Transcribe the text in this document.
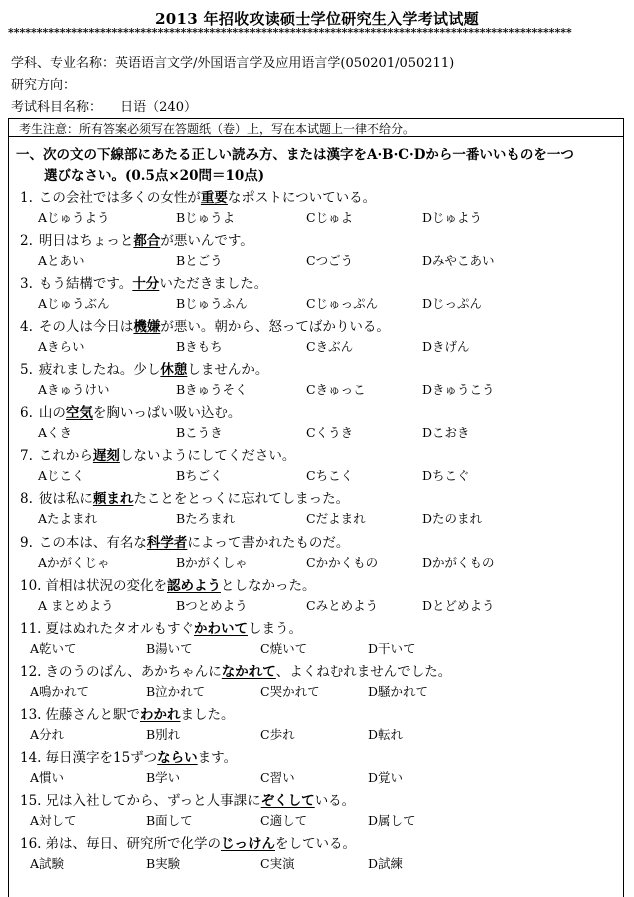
2013 年招收攻读硕士学位研究生入学考试试题
**************************************************************************************************
学科、专业名称：英语语言文学/外国语言学及应用语言学(050201/050211)
研究方向：
考试科目名称： 日语（240）
考生注意：所有答案必须写在答题纸（卷）上，写在本试题上一律不给分。
一、次の文の下線部にあたる正しい読み方、または漢字をA·B·C·Dから一番いいものを一つ
選びなさい。(0.5点×20問＝10点)
1. この会社では多くの女性が重要なポストについている。
Aじゅうよう	Bじゅうよ	Cじゅよ	Dじゅよう
2. 明日はちょっと都合が悪いんです。
Aとあい	Bとごう	Cつごう	Dみやこあい
3. もう結構です。十分いただきました。
Aじゅうぶん	Bじゅうふん	Cじゅっぷん	Dじっぷん
4. その人は今日は機嫌が悪い。朝から、怒ってばかりいる。
Aきらい	Bきもち	Cきぶん	Dきげん
5. 疲れましたね。少し休憩しませんか。
Aきゅうけい	Bきゅうそく	Cきゅっこ	Dきゅうこう
6. 山の空気を胸いっぱい吸い込む。
Aくき	Bこうき	Cくうき	Dこおき
7. これから遅刻しないようにしてください。
Aじこく	Bちごく	Cちこく	Dちこぐ
8. 彼は私に頼まれたことをとっくに忘れてしまった。
Aたよまれ	Bたろまれ	Cだよまれ	Dたのまれ
9. この本は、有名な科学者によって書かれたものだ。
Aかがくじゃ	Bかがくしゃ	Cかかくもの	Dかがくもの
10. 首相は状況の変化を認めようとしなかった。
A まとめよう	Bつとめよう	Cみとめよう	Dとどめよう
11. 夏はぬれたタオルもすぐかわいてしまう。
A乾いて	B湯いて	C焼いて	D干いて
12. きのうのばん、あかちゃんになかれて、よくねむれませんでした。
A鳴かれて	B泣かれて	C哭かれて	D騒かれて
13. 佐藤さんと駅でわかれました。
A分れ	B別れ	C歩れ	D転れ
14. 毎日漢字を15ずつならいます。
A慣い	B学い	C習い	D覚い
15. 兄は入社してから、ずっと人事課にぞくしている。
A対して	B面して	C適して	D属して
16. 弟は、毎日、研究所で化学のじっけんをしている。
A試験	B実験	C実演	D試練
